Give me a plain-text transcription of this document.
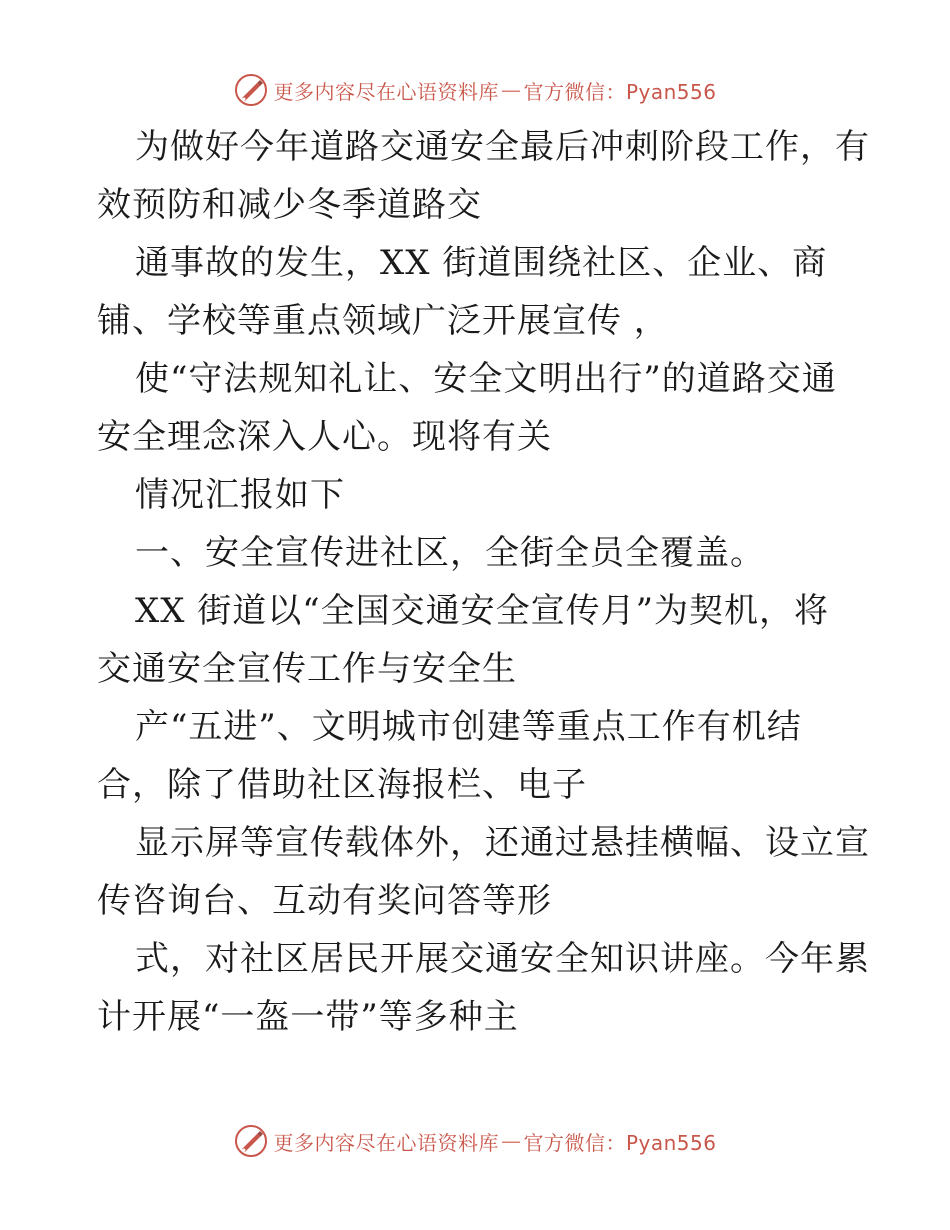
更多内容尽在心语资料库 — 官方微信：Pyan556
为做好今年道路交通安全最后冲刺阶段工作，有
效预防和减少冬季道路交
通事故的发生，XX 街道围绕社区、企业、商
铺、学校等重点领域广泛开展宣传 ，
使“守法规知礼让、安全文明出行”的道路交通
安全理念深入人心。现将有关
情况汇报如下
一、安全宣传进社区，全街全员全覆盖。
XX 街道以“全国交通安全宣传月”为契机，将
交通安全宣传工作与安全生
产“五进”、文明城市创建等重点工作有机结
合，除了借助社区海报栏、电子
显示屏等宣传载体外，还通过悬挂横幅、设立宣
传咨询台、互动有奖问答等形
式，对社区居民开展交通安全知识讲座。今年累
计开展“一盔一带”等多种主
更多内容尽在心语资料库 — 官方微信：Pyan556
